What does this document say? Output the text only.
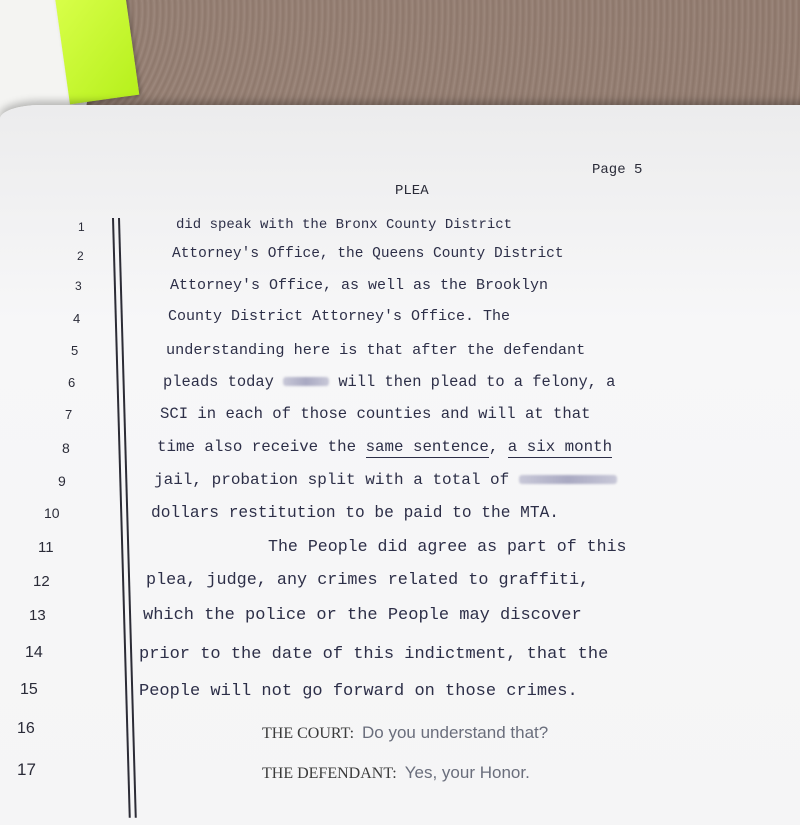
Page 5
PLEA
1
2
3
4
5
6
7
8
9
10
11
12
13
14
15
16
17
did speak with the Bronx County District
Attorney's Office, the Queens County District
Attorney's Office, as well as the Brooklyn
County District Attorney's Office. The
understanding here is that after the defendant
pleads today	will then plead to a felony, a
SCI in each of those counties and will at that
time also receive the same sentence, a six month
jail, probation split with a total of
dollars restitution to be paid to the MTA.
The People did agree as part of this
plea, judge, any crimes related to graffiti,
which the police or the People may discover
prior to the date of this indictment, that the
People will not go forward on those crimes.
THE COURT: Do you understand that?
THE DEFENDANT: Yes, your Honor.
